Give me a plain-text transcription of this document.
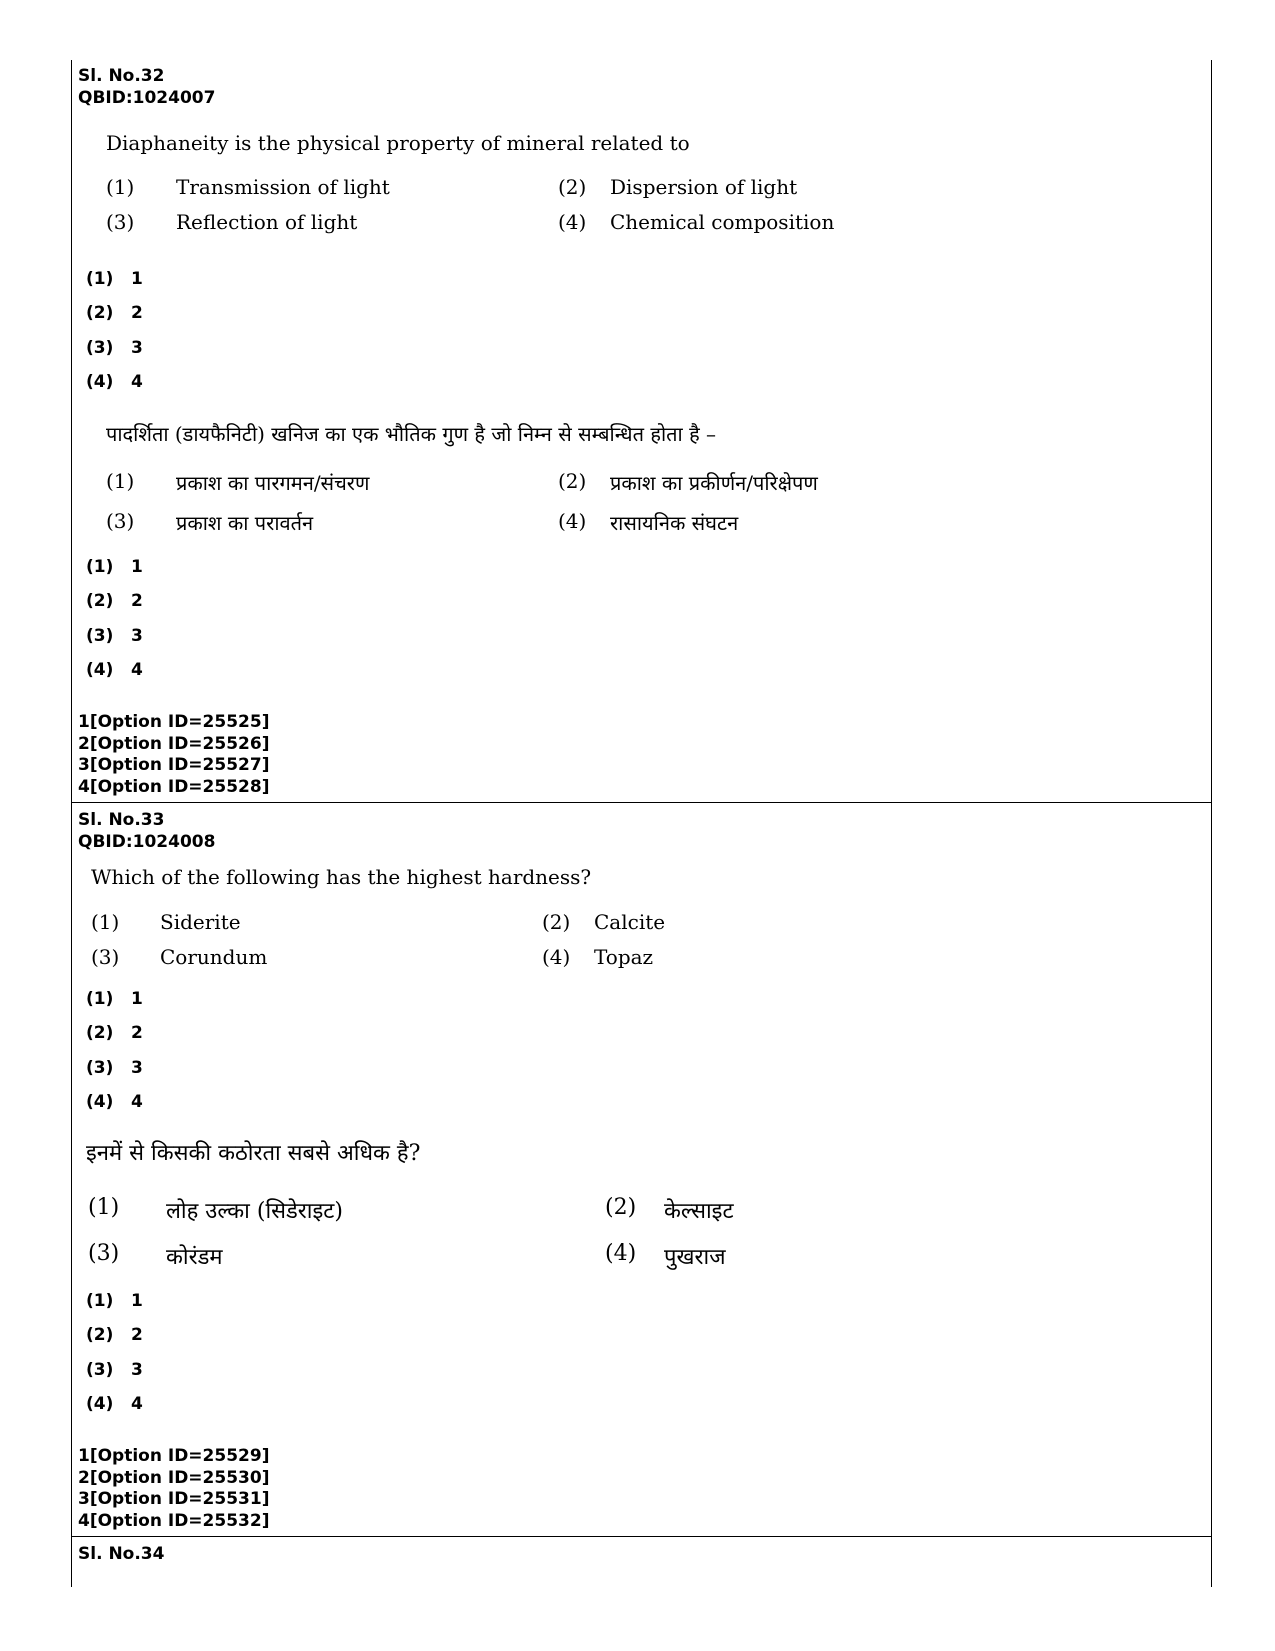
Sl. No.32
QBID:1024007
Diaphaneity is the physical property of mineral related to
(1) Transmission of light	(2) Dispersion of light
(3) Reflection of light	(4) Chemical composition
(1) 1
(2) 2
(3) 3
(4) 4
पादर्शिता (डायफैनिटी) खनिज का एक भौतिक गुण है जो निम्न से सम्बन्धित होता है –
(1) प्रकाश का पारगमन/संचरण	(2) प्रकाश का प्रकीर्णन/परिक्षेपण
(3) प्रकाश का परावर्तन	(4) रासायनिक संघटन
(1) 1
(2) 2
(3) 3
(4) 4
1[Option ID=25525]
2[Option ID=25526]
3[Option ID=25527]
4[Option ID=25528]
Sl. No.33
QBID:1024008
Which of the following has the highest hardness?
(1) Siderite	(2) Calcite
(3) Corundum	(4) Topaz
(1) 1
(2) 2
(3) 3
(4) 4
इनमें से किसकी कठोरता सबसे अधिक है?
(1) लोह उल्का (सिडेराइट)	(2) केल्साइट
(3) कोरंडम	(4) पुखराज
(1) 1
(2) 2
(3) 3
(4) 4
1[Option ID=25529]
2[Option ID=25530]
3[Option ID=25531]
4[Option ID=25532]
Sl. No.34
